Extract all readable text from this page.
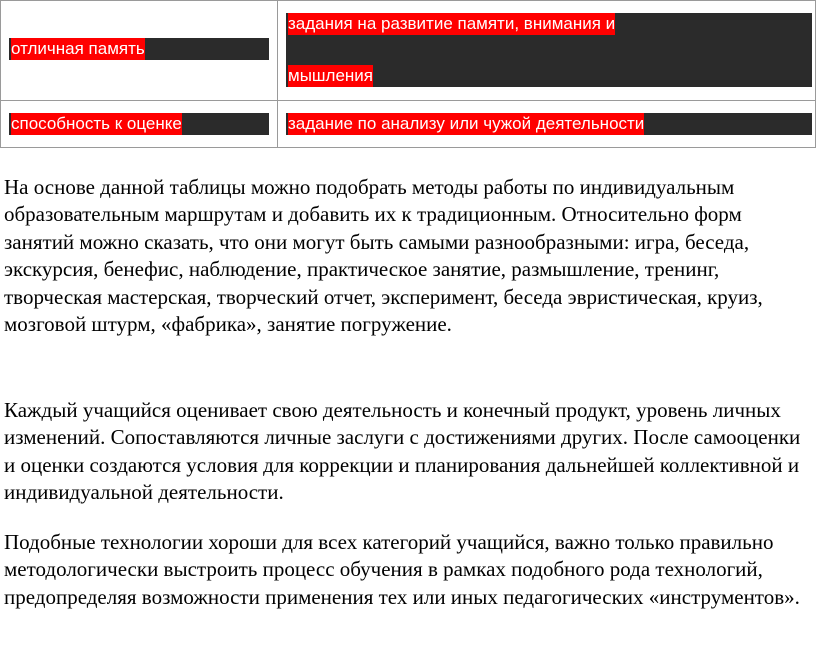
отличная память	задания на развитие памяти, внимания и

мышления

способность к оценке	задание по анализу или чужой деятельности

На основе данной таблицы можно подобрать методы работы по индивидуальным образовательным маршрутам и добавить их к традиционным. Относительно форм занятий можно сказать, что они могут быть самыми разнообразными: игра, беседа, экскурсия, бенефис, наблюдение, практическое занятие, размышление, тренинг, творческая мастерская, творческий отчет, эксперимент, беседа эвристическая, круиз, мозговой штурм, «фабрика», занятие погружение.

Каждый учащийся оценивает свою деятельность и конечный продукт, уровень личных изменений. Сопоставляются личные заслуги с достижениями других. После самооценки и оценки создаются условия для коррекции и планирования дальнейшей коллективной и индивидуальной деятельности.

Подобные технологии хороши для всех категорий учащийся, важно только правильно методологически выстроить процесс обучения в рамках подобного рода технологий, предопределяя возможности применения тех или иных педагогических «инструментов».
